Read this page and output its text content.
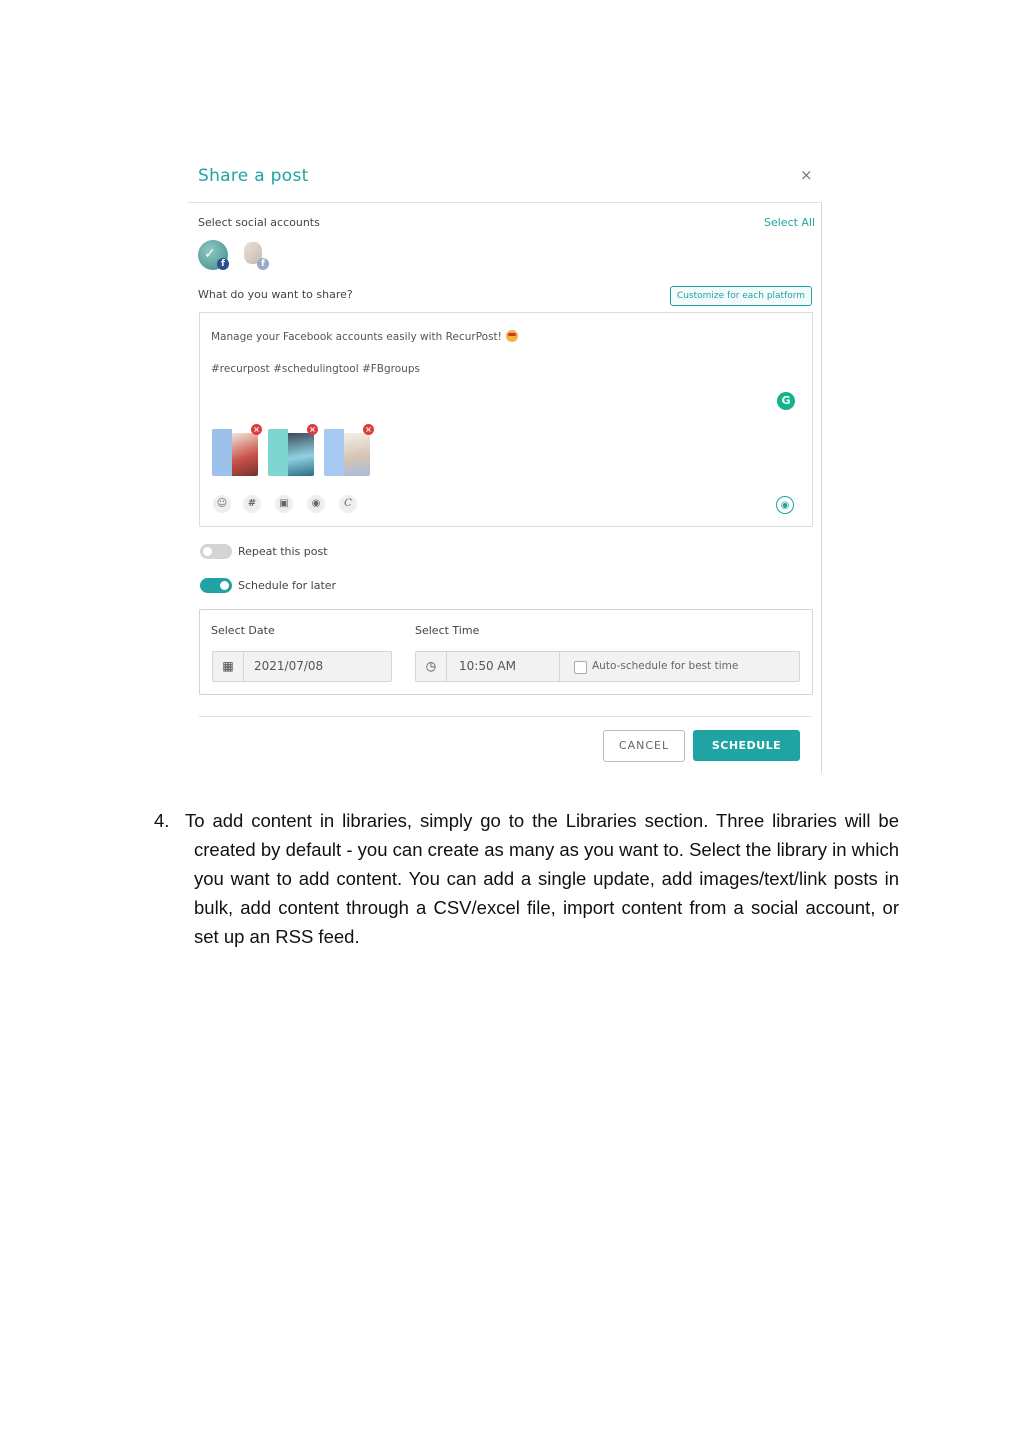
Share a post	×
Select social accounts	Select All
✓
f	f
What do you want to share?	Customize for each platform
Manage your Facebook accounts easily with RecurPost!
#recurpost #schedulingtool #FBgroups
G
×	×	×
☺	#	▣	◉	C	◉
Repeat this post
Schedule for later
Select Date	Select Time
▦	2021/07/08	◷	10:50 AM	Auto-schedule for best time
CANCEL	SCHEDULE
4. To add content in libraries, simply go to the Libraries section. Three libraries will be created by default - you can create as many as you want to. Select the library in which you want to add content. You can add a single update, add images/text/link posts in bulk, add content through a CSV/excel file, import content from a social account, or set up an RSS feed.
